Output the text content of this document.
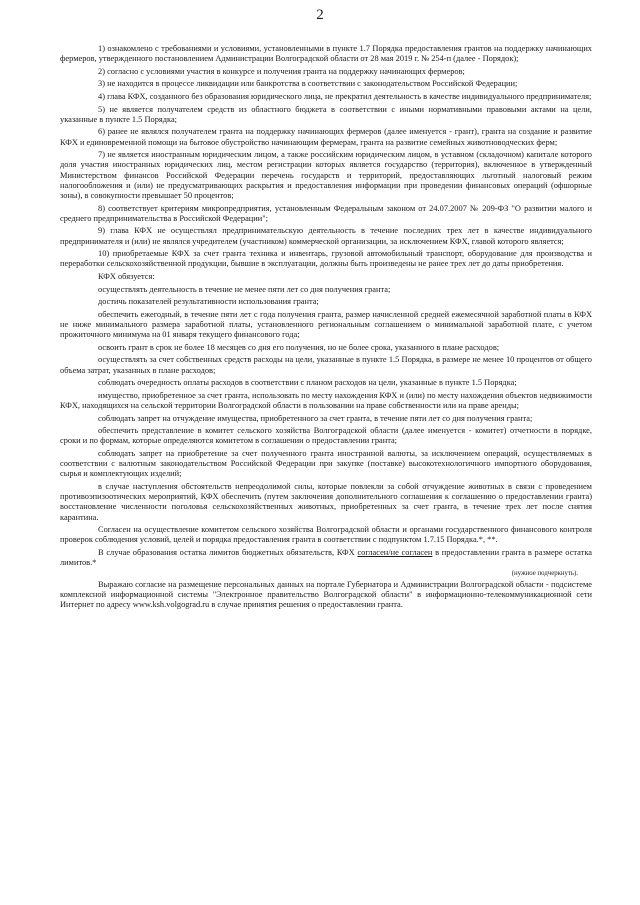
2

1) ознакомлено с требованиями и условиями, установленными в пункте 1.7 Порядка предоставления грантов на поддержку начинающих фермеров, утвержденного постановлением Администрации Волгоградской области от 28 мая 2019 г. № 254-п (далее - Порядок);

2) согласно с условиями участия в конкурсе и получения гранта на поддержку начинающих фермеров;

3) не находится в процессе ликвидации или банкротства в соответствии с законодательством Российской Федерации;

4) глава КФХ, созданного без образования юридического лица, не прекратил деятельность в качестве индивидуального предпринимателя;

5) не является получателем средств из областного бюджета в соответствии с иными нормативными правовыми актами на цели, указанные в пункте 1.5 Порядка;

6) ранее не являлся получателем гранта на поддержку начинающих фермеров (далее именуется - грант), гранта на создание и развитие КФХ и единовременной помощи на бытовое обустройство начинающим фермерам, гранта на развитие семейных животноводческих ферм;

7) не является иностранным юридическим лицом, а также российским юридическим лицом, в уставном (складочном) капитале которого доля участия иностранных юридических лиц, местом регистрации которых является государство (территория), включенное в утвержденный Министерством финансов Российской Федерации перечень государств и территорий, предоставляющих льготный налоговый режим налогообложения и (или) не предусматривающих раскрытия и предоставления информации при проведении финансовых операций (офшорные зоны), в совокупности превышает 50 процентов;

8) соответствует критериям микропредприятия, установленным Федеральным законом от 24.07.2007 № 209-ФЗ "О развитии малого и среднего предпринимательства в Российской Федерации";

9) глава КФХ не осуществлял предпринимательскую деятельность в течение последних трех лет в качестве индивидуального предпринимателя и (или) не являлся учредителем (участником) коммерческой организации, за исключением КФХ, главой которого является;

10) приобретаемые КФХ за счет гранта техника и инвентарь, грузовой автомобильный транспорт, оборудование для производства и переработки сельскохозяйственной продукции, бывшие в эксплуатации, должны быть произведены не ранее трех лет до даты приобретения.

КФХ обязуется:

осуществлять деятельность в течение не менее пяти лет со дня получения гранта;

достичь показателей результативности использования гранта;

обеспечить ежегодный, в течение пяти лет с года получения гранта, размер начисленной средней ежемесячной заработной платы в КФХ не ниже минимального размера заработной платы, установленного региональным соглашением о минимальной заработной плате, с учетом прожиточного минимума на 01 января текущего финансового года;

освоить грант в срок не более 18 месяцев со дня его получения, но не более срока, указанного в плане расходов;

осуществлять за счет собственных средств расходы на цели, указанные в пункте 1.5 Порядка, в размере не менее 10 процентов от общего объема затрат, указанных в плане расходов;

соблюдать очередность оплаты расходов в соответствии с планом расходов на цели, указанные в пункте 1.5 Порядка;

имущество, приобретенное за счет гранта, использовать по месту нахождения КФХ и (или) по месту нахождения объектов недвижимости КФХ, находящихся на сельской территории Волгоградской области в пользовании на праве собственности или на праве аренды;

соблюдать запрет на отчуждение имущества, приобретенного за счет гранта, в течение пяти лет со дня получения гранта;

обеспечить представление в комитет сельского хозяйства Волгоградской области (далее именуется - комитет) отчетности в порядке, сроки и по формам, которые определяются комитетом в соглашении о предоставлении гранта;

соблюдать запрет на приобретение за счет полученного гранта иностранной валюты, за исключением операций, осуществляемых в соответствии с валютным законодательством Российской Федерации при закупке (поставке) высокотехнологичного импортного оборудования, сырья и комплектующих изделий;

в случае наступления обстоятельств непреодолимой силы, которые повлекли за собой отчуждение животных в связи с проведением противоэпизоотических мероприятий, КФХ обеспечить (путем заключения дополнительного соглашения к соглашению о предоставлении гранта) восстановление численности поголовья сельскохозяйственных животных, приобретенных за счет гранта, в течение трех лет после снятия карантина.

Согласен на осуществление комитетом сельского хозяйства Волгоградской области и органами государственного финансового контроля проверок соблюдения условий, целей и порядка предоставления гранта в соответствии с подпунктом 1.7.15 Порядка.*, **.

В случае образования остатка лимитов бюджетных обязательств, КФХ согласен/не согласен в предоставлении гранта в размере остатка лимитов.*

(нужное подчеркнуть).

Выражаю согласие на размещение персональных данных на портале Губернатора и Администрации Волгоградской области - подсистеме комплексной информационной системы "Электронное правительство Волгоградской области" в информационно-телекоммуникационной сети Интернет по адресу www.ksh.volgograd.ru в случае принятия решения о предоставлении гранта.
